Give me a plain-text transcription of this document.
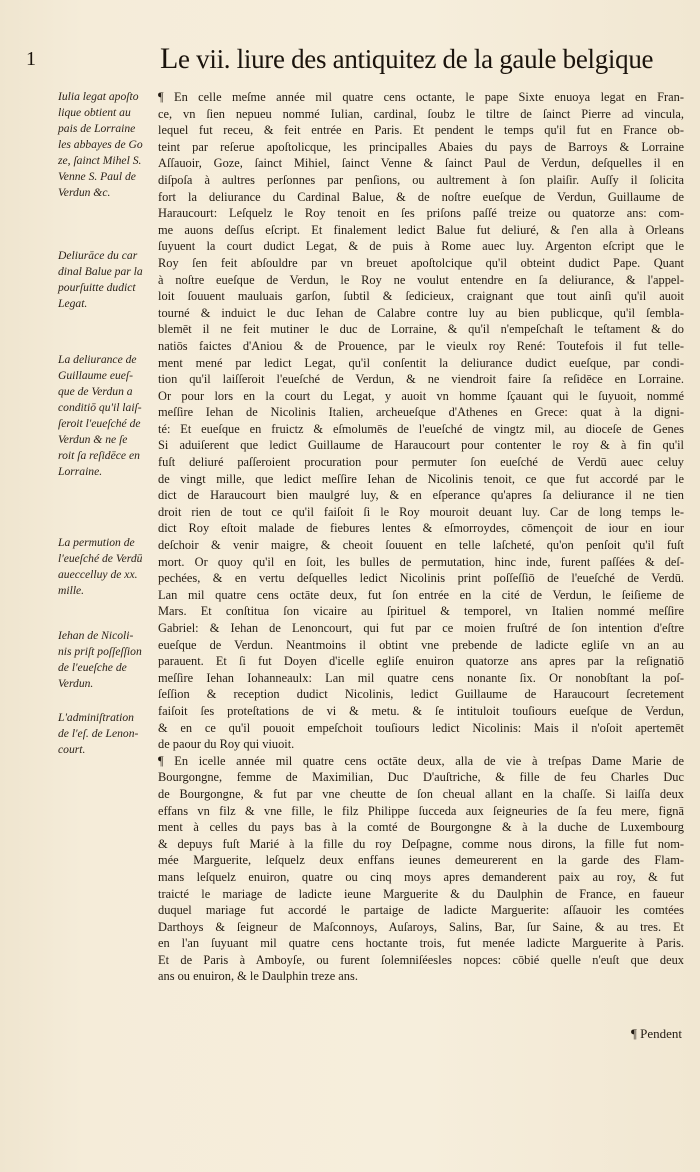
1	Le vii. liure des antiquitez de la gaule belgique
Iulia legat apoſto
lique obtient au
pais de Lorraine
les abbayes de Go
ze, ſainct Mihel S.
Venne S. Paul de
Verdun &c.
Deliurāce du car
dinal Balue par la
pourſuitte dudict
Legat.
La deliurance de
Guillaume eueſ-
que de Verdun a
conditiō qu'il laiſ-
ſeroit l'eueſché de
Verdun & ne ſe
roit ſa reſidēce en
Lorraine.
La permution de
l'eueſché de Verdū
aueccelluy de xx.
mille.
Iehan de Nicoli-
nis priſt poſſeſſion
de l'eueſche de
Verdun.
L'adminiſtration
de l'eſ. de Lenon-
court.
¶ En celle meſme année mil quatre cens octante, le pape Sixte enuoya legat en Fran-
ce, vn ſien nepueu nommé Iulian, cardinal, ſoubz le tiltre de ſainct Pierre ad vincula,
lequel fut receu, & feit entrée en Paris. Et pendent le temps qu'il fut en France ob-
teint par reſerue apoſtolicque, les principalles Abaies du pays de Barroys & Lorraine
Aſſauoir, Goze, ſainct Mihiel, ſainct Venne & ſainct Paul de Verdun, deſquelles il en
diſpoſa à aultres perſonnes par penſions, ou aultrement à ſon plaiſir. Auſſy il ſolicita
fort la deliurance du Cardinal Balue, & de noſtre eueſque de Verdun, Guillaume de
Haraucourt: Leſquelz le Roy tenoit en ſes priſons paſſé treize ou quatorze ans: com-
me auons deſſus eſcript. Et finalement ledict Balue fut deliuré, & ſ'en alla à Orleans
ſuyuent la court dudict Legat, & de puis à Rome auec luy. Argenton eſcript que le
Roy ſen feit abſouldre par vn breuet apoſtolcique qu'il obteint dudict Pape. Quant
à noſtre eueſque de Verdun, le Roy ne voulut entendre en ſa deliurance, & l'appel-
loit ſouuent mauluais garſon, ſubtil & ſedicieux, craignant que tout ainſi qu'il auoit
tourné & induict le duc Iehan de Calabre contre luy au bien publicque, qu'il ſembla-
blemēt il ne feit mutiner le duc de Lorraine, & qu'il n'empeſchaſt le teſtament & do
natiōs faictes d'Aniou & de Prouence, par le vieulx roy René: Toutefois il fut telle-
ment mené par ledict Legat, qu'il conſentit la deliurance dudict eueſque, par condi-
tion qu'il laiſſeroit l'eueſché de Verdun, & ne viendroit faire ſa reſidēce en Lorraine.
Or pour lors en la court du Legat, y auoit vn homme ſçauant qui le ſuyuoit, nommé
meſſire Iehan de Nicolinis Italien, archeueſque d'Athenes en Grece: quat à la digni-
té: Et eueſque en fruictz & eſmolumēs de l'eueſché de vingtz mil, au dioceſe de Genes
Si aduiſerent que ledict Guillaume de Haraucourt pour contenter le roy & à fin qu'il
fuſt deliuré paſſeroient procuration pour permuter ſon eueſché de Verdū auec celuy
de vingt mille, que ledict meſſire Iehan de Nicolinis tenoit, ce que fut accordé par le
dict de Haraucourt bien maulgré luy, & en eſperance qu'apres ſa deliurance il ne tien
droit rien de tout ce qu'il faiſoit ſi le Roy mouroit deuant luy. Car de long temps le-
dict Roy eſtoit malade de fiebures lentes & eſmorroydes, cōmençoit de iour en iour
deſchoir & venir maigre, & cheoit ſouuent en telle laſcheté, qu'on penſoit qu'il fuſt
mort. Or quoy qu'il en ſoit, les bulles de permutation, hinc inde, furent paſſées & deſ-
pechées, & en vertu deſquelles ledict Nicolinis print poſſeſſiō de l'eueſché de Verdū.
Lan mil quatre cens octāte deux, fut ſon entrée en la cité de Verdun, le ſeiſieme de
Mars. Et conſtitua ſon vicaire au ſpirituel & temporel, vn Italien nommé meſſire
Gabriel: & Iehan de Lenoncourt, qui fut par ce moien fruſtré de ſon intention d'eſtre
eueſque de Verdun. Neantmoins il obtint vne prebende de ladicte egliſe vn an au
parauent. Et ſi fut Doyen d'icelle egliſe enuiron quatorze ans apres par la reſignatiō
meſſire Iehan Iohanneaulx: Lan mil quatre cens nonante ſix. Or nonobſtant la poſ-
ſeſſion & reception dudict Nicolinis, ledict Guillaume de Haraucourt ſecretement
faiſoit ſes proteſtations de vi & metu. & ſe intituloit touſiours eueſque de Verdun,
& en ce qu'il pouoit empeſchoit touſiours ledict Nicolinis: Mais il n'oſoit apertemēt
de paour du Roy qui viuoit.
¶ En icelle année mil quatre cens octāte deux, alla de vie à treſpas Dame Marie de
Bourgongne, femme de Maximilian, Duc D'auſtriche, & fille de feu Charles Duc
de Bourgongne, & fut par vne cheutte de ſon cheual allant en la chaſſe. Si laiſſa deux
effans vn filz & vne fille, le filz Philippe ſucceda aux ſeigneuries de ſa feu mere, fignā
ment à celles du pays bas à la comté de Bourgongne & à la duche de Luxembourg
& depuys fuſt Marié à la fille du roy Deſpagne, comme nous dirons, la fille fut nom-
mée Marguerite, leſquelz deux enffans ieunes demeurerent en la garde des Flam-
mans leſquelz enuiron, quatre ou cinq moys apres demanderent paix au roy, & fut
traicté le mariage de ladicte ieune Marguerite & du Daulphin de France, en faueur
duquel mariage fut accordé le partaige de ladicte Marguerite: aſſauoir les comtées
Darthoys & ſeigneur de Maſconnoys, Auſaroys, Salins, Bar, ſur Saine, & au tres. Et
en l'an ſuyuant mil quatre cens hoctante trois, fut menée ladicte Marguerite à Paris.
Et de Paris à Amboyſe, ou furent ſolemniſéesles nopces: cōbié quelle n'euſt que deux
ans ou enuiron, & le Daulphin treze ans.
¶ Pendent
